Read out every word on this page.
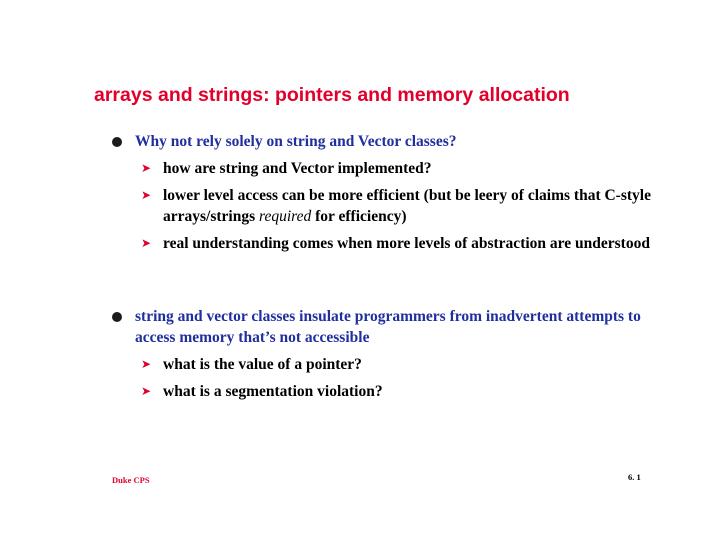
arrays and strings: pointers and memory allocation
Why not rely solely on string and Vector classes?
➤ how are string and Vector implemented?
➤ lower level access can be more efficient (but be leery of claims that C-style arrays/strings required for efficiency)
➤ real understanding comes when more levels of abstraction are understood
string and vector classes insulate programmers from inadvertent attempts to access memory that’s not accessible
➤ what is the value of a pointer?
➤ what is a segmentation violation?
Duke CPS	6. 1
